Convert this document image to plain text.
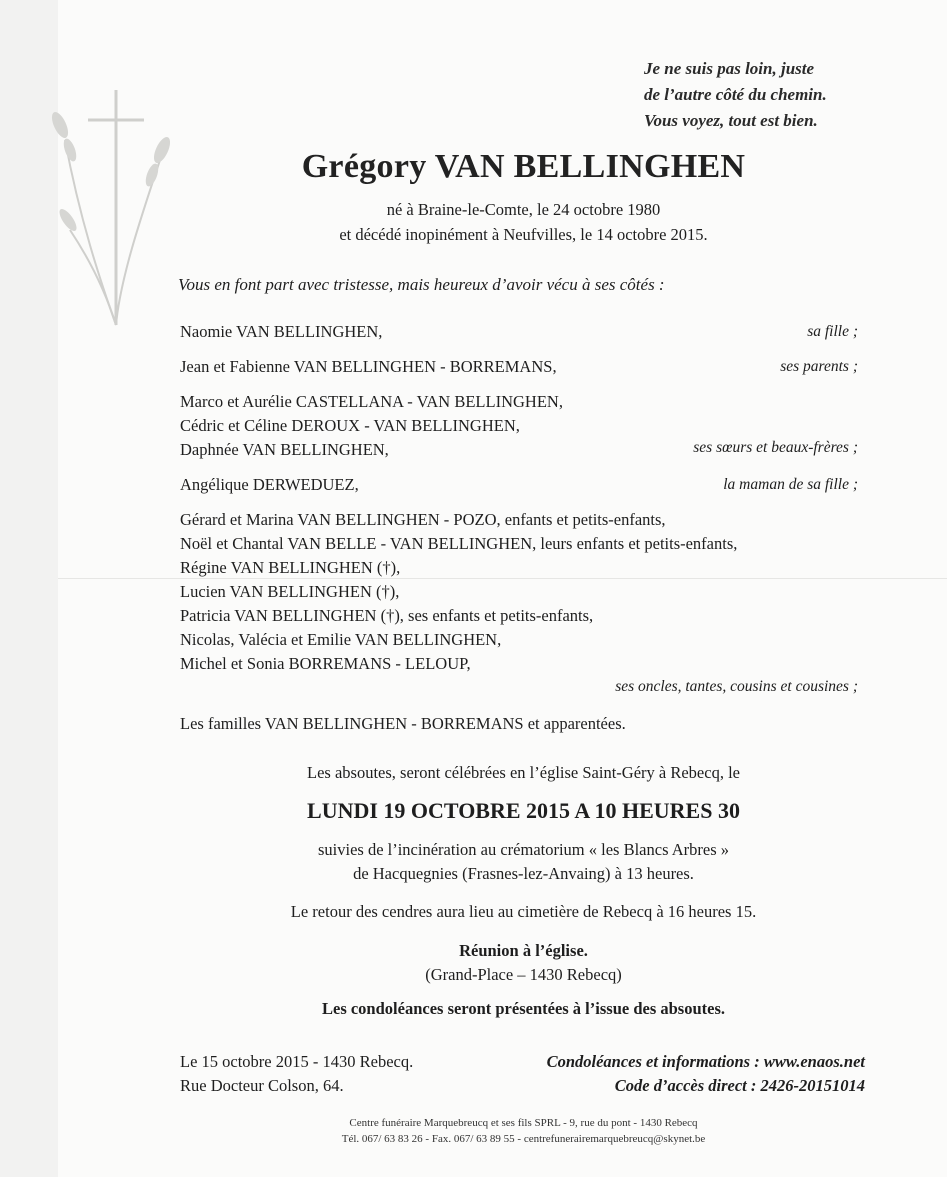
Je ne suis pas loin, juste
de l’autre côté du chemin.
Vous voyez, tout est bien.
Grégory VAN BELLINGHEN
né à Braine-le-Comte, le 24 octobre 1980
et décédé inopinément à Neufvilles, le 14 octobre 2015.
Vous en font part avec tristesse, mais heureux d’avoir vécu à ses côtés :
Naomie VAN BELLINGHEN,	sa fille ;
Jean et Fabienne VAN BELLINGHEN - BORREMANS,	ses parents ;
Marco et Aurélie CASTELLANA - VAN BELLINGHEN,
Cédric et Céline DEROUX - VAN BELLINGHEN,
Daphnée VAN BELLINGHEN,	ses sœurs et beaux-frères ;
Angélique DERWEDUEZ,	la maman de sa fille ;
Gérard et Marina VAN BELLINGHEN - POZO, enfants et petits-enfants,
Noël et Chantal VAN BELLE - VAN BELLINGHEN, leurs enfants et petits-enfants,
Régine VAN BELLINGHEN (†),
Lucien VAN BELLINGHEN (†),
Patricia VAN BELLINGHEN (†), ses enfants et petits-enfants,
Nicolas, Valécia et Emilie VAN BELLINGHEN,
Michel et Sonia BORREMANS - LELOUP,
ses oncles, tantes, cousins et cousines ;
Les familles VAN BELLINGHEN - BORREMANS et apparentées.
Les absoutes, seront célébrées en l’église Saint-Géry à Rebecq, le
LUNDI 19 OCTOBRE 2015 A 10 HEURES 30
suivies de l’incinération au crématorium « les Blancs Arbres »
de Hacquegnies (Frasnes-lez-Anvaing) à 13 heures.
Le retour des cendres aura lieu au cimetière de Rebecq à 16 heures 15.
Réunion à l’église.
(Grand-Place – 1430 Rebecq)
Les condoléances seront présentées à l’issue des absoutes.
Le 15 octobre 2015 - 1430 Rebecq.
Rue Docteur Colson, 64.
Condoléances et informations : www.enaos.net
Code d’accès direct : 2426-20151014
Centre funéraire Marquebreucq et ses fils SPRL - 9, rue du pont - 1430 Rebecq
Tél. 067/ 63 83 26 - Fax. 067/ 63 89 55 - centrefunerairemarquebreucq@skynet.be
